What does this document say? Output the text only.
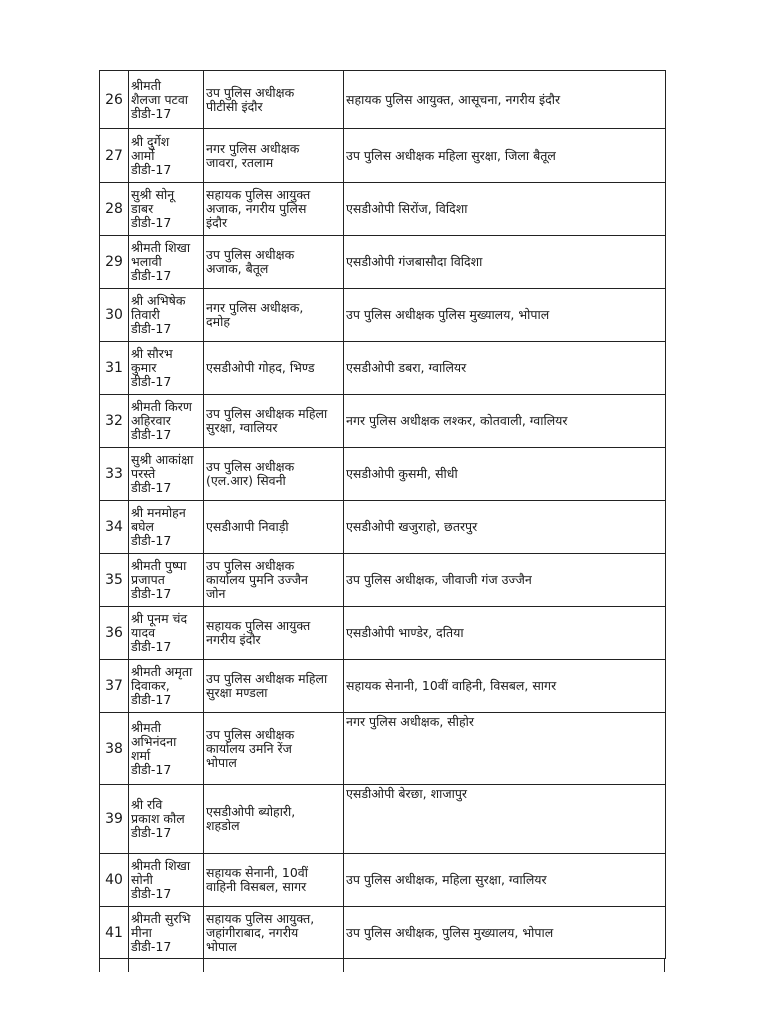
26	श्रीमती
शैलजा पटवा
डीडी-17	उप पुलिस अधीक्षक
पीटीसी इंदौर	सहायक पुलिस आयुक्त, आसूचना, नगरीय इंदौर
27	श्री दुर्गेश
आर्मो
डीडी-17	नगर पुलिस अधीक्षक
जावरा, रतलाम	उप पुलिस अधीक्षक महिला सुरक्षा, जिला बैतूल
28	सुश्री सोनू
डाबर
डीडी-17	सहायक पुलिस आयुक्त
अजाक, नगरीय पुलिस
इंदौर	एसडीओपी सिरोंज, विदिशा
29	श्रीमती शिखा
भलावी
डीडी-17	उप पुलिस अधीक्षक
अजाक, बैतूल	एसडीओपी गंजबासौदा विदिशा
30	श्री अभिषेक
तिवारी
डीडी-17	नगर पुलिस अधीक्षक,
दमोह	उप पुलिस अधीक्षक पुलिस मुख्यालय, भोपाल
31	श्री सौरभ
कुमार
डीडी-17	एसडीओपी गोहद, भिण्ड	एसडीओपी डबरा, ग्वालियर
32	श्रीमती किरण
अहिरवार
डीडी-17	उप पुलिस अधीक्षक महिला
सुरक्षा, ग्वालियर	नगर पुलिस अधीक्षक लश्कर, कोतवाली, ग्वालियर
33	सुश्री आकांक्षा
परस्ते
डीडी-17	उप पुलिस अधीक्षक
(एल.आर) सिवनी	एसडीओपी कुसमी, सीधी
34	श्री मनमोहन
बघेल
डीडी-17	एसडीआपी निवाड़ी	एसडीओपी खजुराहो, छतरपुर
35	श्रीमती पुष्पा
प्रजापत
डीडी-17	उप पुलिस अधीक्षक
कार्यालय पुमनि उज्जैन
जोन	उप पुलिस अधीक्षक, जीवाजी गंज उज्जैन
36	श्री पूनम चंद
यादव
डीडी-17	सहायक पुलिस आयुक्त
नगरीय इंदौर	एसडीओपी भाण्डेर, दतिया
37	श्रीमती अमृता
दिवाकर,
डीडी-17	उप पुलिस अधीक्षक महिला
सुरक्षा मण्डला	सहायक सेनानी, 10वीं वाहिनी, विसबल, सागर
38	श्रीमती
अभिनंदना
शर्मा
डीडी-17	उप पुलिस अधीक्षक
कार्यालय उमनि रेंज
भोपाल	नगर पुलिस अधीक्षक, सीहोर
39	श्री रवि
प्रकाश कौल
डीडी-17	एसडीओपी ब्योहारी,
शहडोल	एसडीओपी बेरछा, शाजापुर
40	श्रीमती शिखा
सोनी
डीडी-17	सहायक सेनानी, 10वीं
वाहिनी विसबल, सागर	उप पुलिस अधीक्षक, महिला सुरक्षा, ग्वालियर
41	श्रीमती सुरभि
मीना
डीडी-17	सहायक पुलिस आयुक्त,
जहांगीराबाद, नगरीय
भोपाल	उप पुलिस अधीक्षक, पुलिस मुख्यालय, भोपाल
